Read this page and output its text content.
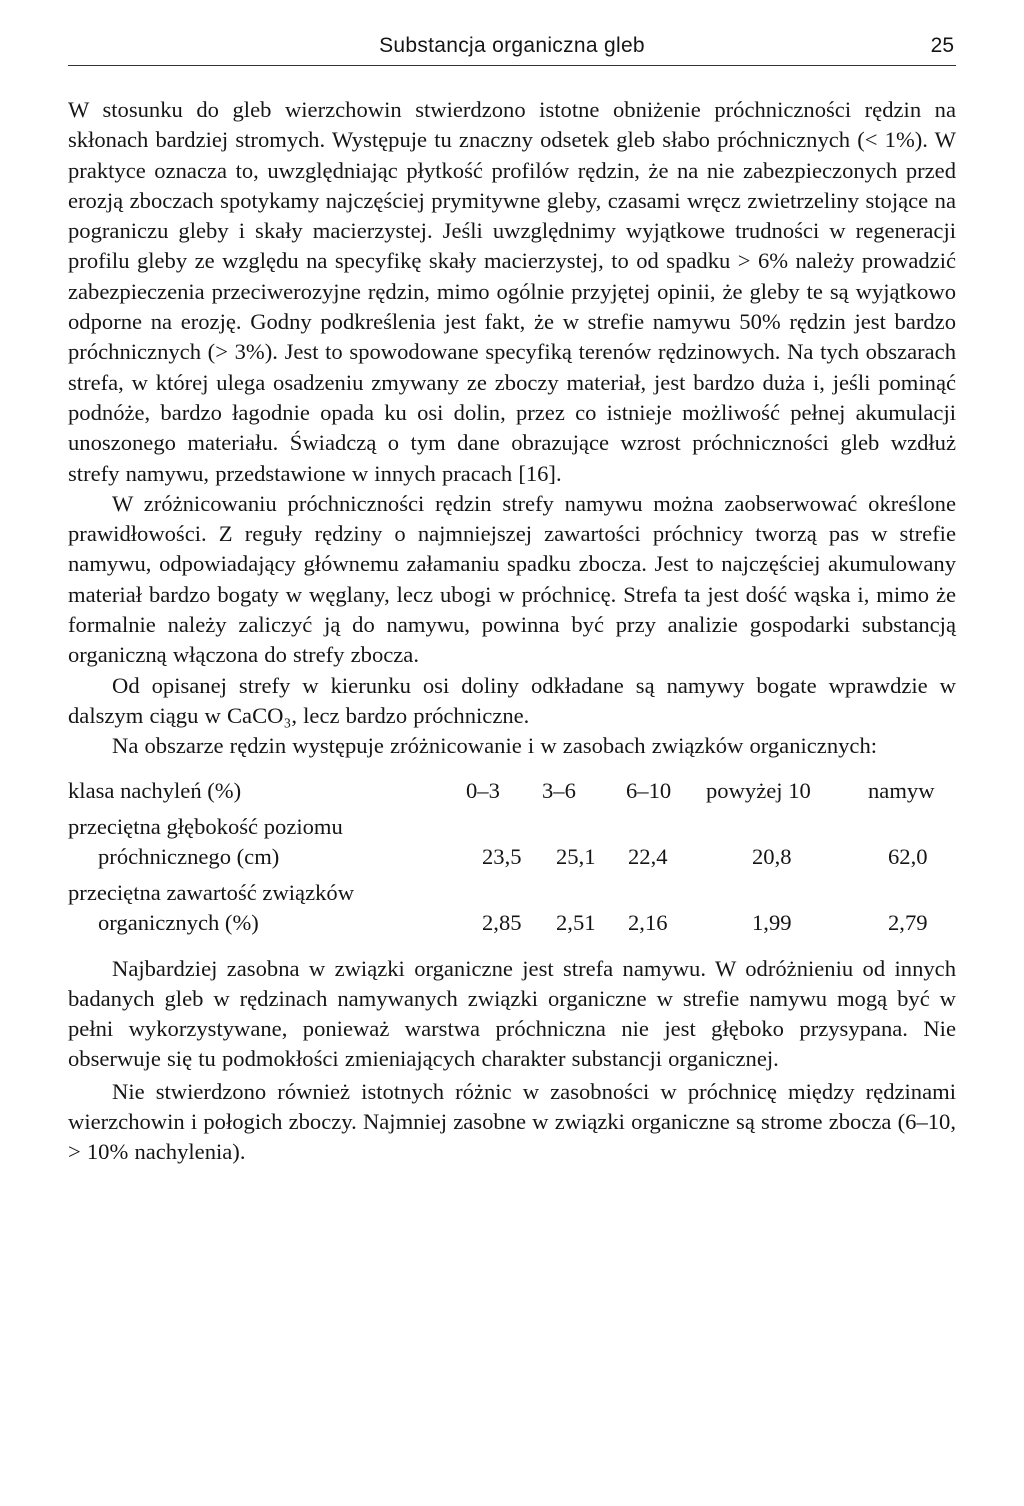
Substancja organiczna gleb	25

W stosunku do gleb wierzchowin stwierdzono istotne obniżenie próchniczności rędzin na skłonach bardziej stromych. Występuje tu znaczny odsetek gleb słabo próchnicznych (< 1%). W praktyce oznacza to, uwzględniając płytkość profilów rędzin, że na nie zabezpieczonych przed erozją zboczach spotykamy najczęściej prymitywne gleby, czasami wręcz zwietrzeliny stojące na pograniczu gleby i skały macierzystej. Jeśli uwzględnimy wyjątkowe trudności w regeneracji profilu gleby ze względu na specyfikę skały macierzystej, to od spadku > 6% należy prowadzić zabezpieczenia przeciwerozyjne rędzin, mimo ogólnie przyjętej opinii, że gleby te są wyjątkowo odporne na erozję. Godny podkreślenia jest fakt, że w strefie namywu 50% rędzin jest bardzo próchnicznych (> 3%). Jest to spowodowane specyfiką terenów rędzinowych. Na tych obszarach strefa, w której ulega osadzeniu zmywany ze zboczy materiał, jest bardzo duża i, jeśli pominąć podnóże, bardzo łagodnie opada ku osi dolin, przez co istnieje możliwość pełnej akumulacji unoszonego materiału. Świadczą o tym dane obrazujące wzrost próchniczności gleb wzdłuż strefy namywu, przedstawione w innych pracach [16].

W zróżnicowaniu próchniczności rędzin strefy namywu można zaobserwować określone prawidłowości. Z reguły rędziny o najmniejszej zawartości próchnicy tworzą pas w strefie namywu, odpowiadający głównemu załamaniu spadku zbocza. Jest to najczęściej akumulowany materiał bardzo bogaty w węglany, lecz ubogi w próchnicę. Strefa ta jest dość wąska i, mimo że formalnie należy zaliczyć ją do namywu, powinna być przy analizie gospodarki substancją organiczną włączona do strefy zbocza.

Od opisanej strefy w kierunku osi doliny odkładane są namywy bogate wprawdzie w dalszym ciągu w CaCO₃, lecz bardzo próchniczne.

Na obszarze rędzin występuje zróżnicowanie i w zasobach związków organicznych:

klasa nachyleń (%)	0–3 3–6 6–10 powyżej 10	namyw
przeciętna głębokość poziomu
próchnicznego (cm)	23,5 25,1 22,4	20,8	62,0
przeciętna zawartość związków
organicznych (%)	2,85 2,51 2,16	1,99	2,79

Najbardziej zasobna w związki organiczne jest strefa namywu. W odróżnieniu od innych badanych gleb w rędzinach namywanych związki organiczne w strefie namywu mogą być w pełni wykorzystywane, ponieważ warstwa próchniczna nie jest głęboko przysypana. Nie obserwuje się tu podmokłości zmieniających charakter substancji organicznej.

Nie stwierdzono również istotnych różnic w zasobności w próchnicę między rędzinami wierzchowin i połogich zboczy. Najmniej zasobne w związki organiczne są strome zbocza (6–10, > 10% nachylenia).
